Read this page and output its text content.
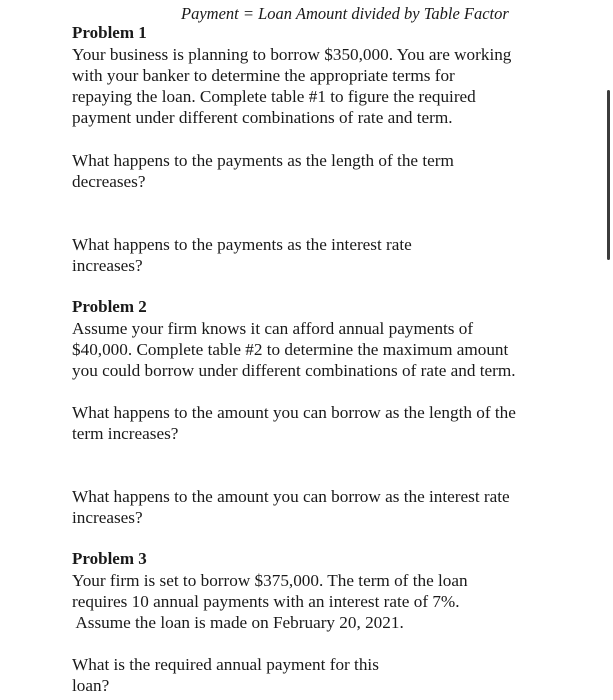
Payment = Loan Amount divided by Table Factor
Problem 1
Your business is planning to borrow $350,000. You are working
with your banker to determine the appropriate terms for
repaying the loan. Complete table #1 to figure the required
payment under different combinations of rate and term.
What happens to the payments as the length of the term
decreases?
What happens to the payments as the interest rate
increases?
Problem 2
Assume your firm knows it can afford annual payments of
$40,000. Complete table #2 to determine the maximum amount
you could borrow under different combinations of rate and term.
What happens to the amount you can borrow as the length of the
term increases?
What happens to the amount you can borrow as the interest rate
increases?
Problem 3
Your firm is set to borrow $375,000. The term of the loan
requires 10 annual payments with an interest rate of 7%.
Assume the loan is made on February 20, 2021.
What is the required annual payment for this
loan?
